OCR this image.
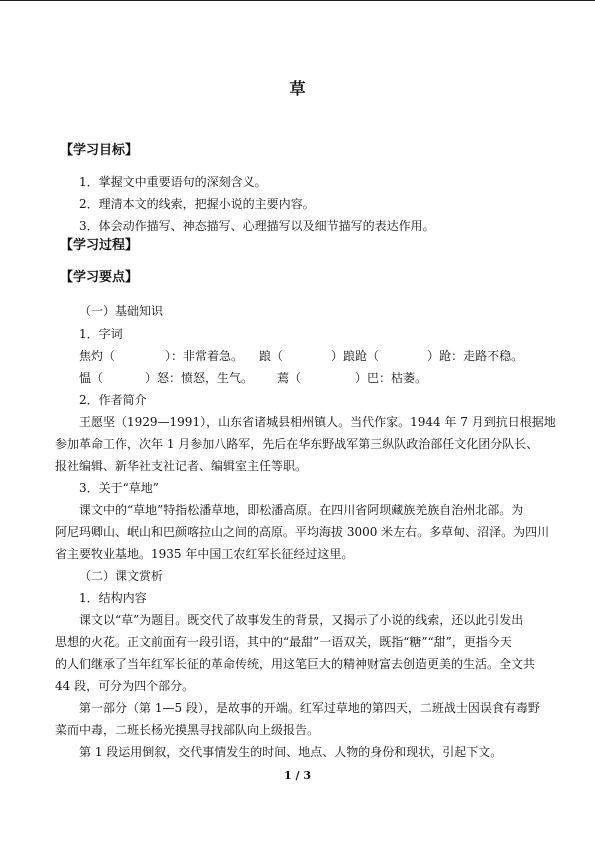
草
【学习目标】
1．掌握文中重要语句的深刻含义。
2．理清本文的线索，把握小说的主要内容。
3．体会动作描写、神态描写、心理描写以及细节描写的表达作用。
【学习过程】
【学习要点】
（一）基础知识
1．字词
焦灼（	）：非常着急。 踉（	）踉跄（	）跄：走路不稳。
愠（	）怒：愤怒，生气。 蔫（	）巴：枯萎。
2．作者简介
王愿坚（1929—1991），山东省诸城县相州镇人。当代作家。1944 年 7 月到抗日根据地
参加革命工作，次年 1 月参加八路军，先后在华东野战军第三纵队政治部任文化团分队长、
报社编辑、新华社支社记者、编辑室主任等职。
3．关于“草地”
课文中的“草地”特指松潘草地，即松潘高原。在四川省阿坝藏族羌族自治州北部。为
阿尼玛卿山、岷山和巴颜喀拉山之间的高原。平均海拔 3000 米左右。多草甸、沼泽。为四川
省主要牧业基地。1935 年中国工农红军长征经过这里。
（二）课文赏析
1．结构内容
课文以“草”为题目。既交代了故事发生的背景，又揭示了小说的线索，还以此引发出
思想的火花。正文前面有一段引语，其中的“最甜”一语双关，既指“糖”“甜”，更指今天
的人们继承了当年红军长征的革命传统，用这笔巨大的精神财富去创造更美的生活。全文共
44 段，可分为四个部分。
第一部分（第 1—5 段），是故事的开端。红军过草地的第四天，二班战士因误食有毒野
菜而中毒，二班长杨光摸黑寻找部队向上级报告。
第 1 段运用倒叙，交代事情发生的时间、地点、人物的身份和现状，引起下文。
1 / 3
